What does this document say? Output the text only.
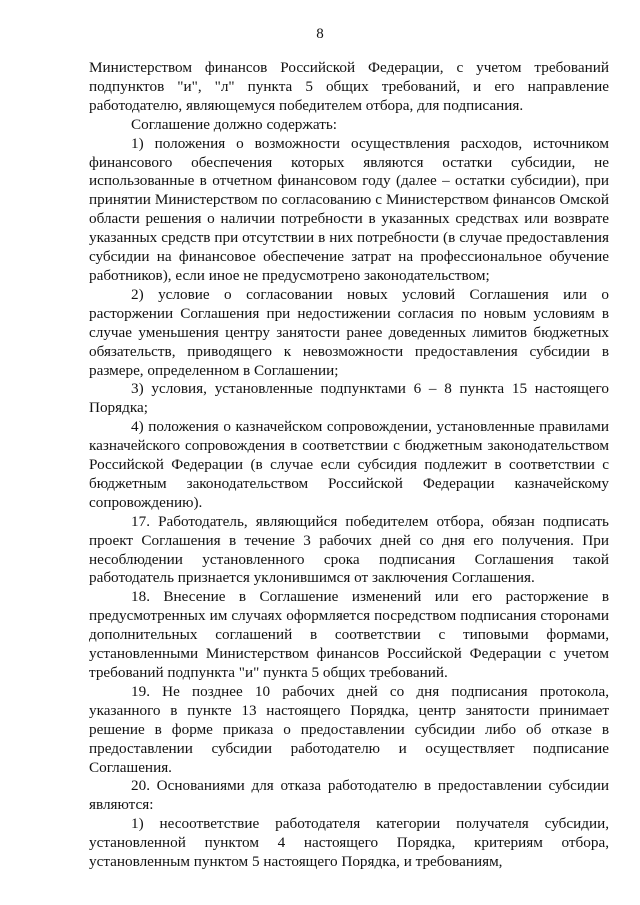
8

Министерством финансов Российской Федерации, с учетом требований подпунктов "и", "л" пункта 5 общих требований, и его направление работодателю, являющемуся победителем отбора, для подписания.

Соглашение должно содержать:

1) положения о возможности осуществления расходов, источником финансового обеспечения которых являются остатки субсидии, не использованные в отчетном финансовом году (далее – остатки субсидии), при принятии Министерством по согласованию с Министерством финансов Омской области решения о наличии потребности в указанных средствах или возврате указанных средств при отсутствии в них потребности (в случае предоставления субсидии на финансовое обеспечение затрат на профессиональное обучение работников), если иное не предусмотрено законодательством;

2) условие о согласовании новых условий Соглашения или о расторжении Соглашения при недостижении согласия по новым условиям в случае уменьшения центру занятости ранее доведенных лимитов бюджетных обязательств, приводящего к невозможности предоставления субсидии в размере, определенном в Соглашении;

3) условия, установленные подпунктами 6 – 8 пункта 15 настоящего Порядка;

4) положения о казначейском сопровождении, установленные правилами казначейского сопровождения в соответствии с бюджетным законодательством Российской Федерации (в случае если субсидия подлежит в соответствии с бюджетным законодательством Российской Федерации казначейскому сопровождению).

17. Работодатель, являющийся победителем отбора, обязан подписать проект Соглашения в течение 3 рабочих дней со дня его получения. При несоблюдении установленного срока подписания Соглашения такой работодатель признается уклонившимся от заключения Соглашения.

18. Внесение в Соглашение изменений или его расторжение в предусмотренных им случаях оформляется посредством подписания сторонами дополнительных соглашений в соответствии с типовыми формами, установленными Министерством финансов Российской Федерации с учетом требований подпункта "и" пункта 5 общих требований.

19. Не позднее 10 рабочих дней со дня подписания протокола, указанного в пункте 13 настоящего Порядка, центр занятости принимает решение в форме приказа о предоставлении субсидии либо об отказе в предоставлении субсидии работодателю и осуществляет подписание Соглашения.

20. Основаниями для отказа работодателю в предоставлении субсидии являются:

1) несоответствие работодателя категории получателя субсидии, установленной пунктом 4 настоящего Порядка, критериям отбора, установленным пунктом 5 настоящего Порядка, и требованиям,
